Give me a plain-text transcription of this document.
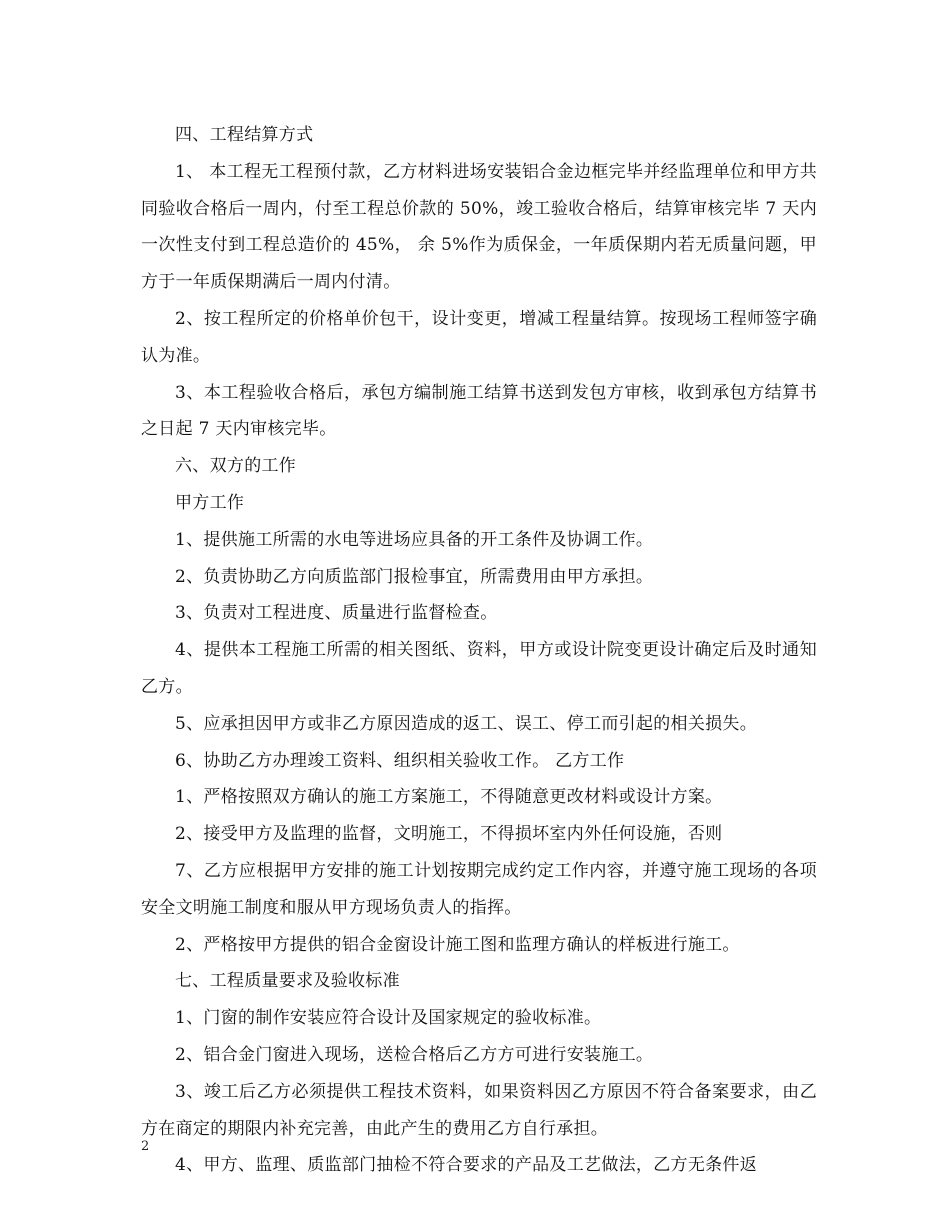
四、工程结算方式

1、 本工程无工程预付款，乙方材料进场安装铝合金边框完毕并经监理单位和甲方共同验收合格后一周内，付至工程总价款的 50%，竣工验收合格后，结算审核完毕 7 天内一次性支付到工程总造价的 45%， 余 5%作为质保金，一年质保期内若无质量问题，甲方于一年质保期满后一周内付清。

2、按工程所定的价格单价包干，设计变更，增减工程量结算。按现场工程师签字确认为准。

3、本工程验收合格后，承包方编制施工结算书送到发包方审核，收到承包方结算书之日起 7 天内审核完毕。

六、双方的工作

甲方工作

1、提供施工所需的水电等进场应具备的开工条件及协调工作。

2、负责协助乙方向质监部门报检事宜，所需费用由甲方承担。

3、负责对工程进度、质量进行监督检查。

4、提供本工程施工所需的相关图纸、资料，甲方或设计院变更设计确定后及时通知乙方。

5、应承担因甲方或非乙方原因造成的返工、误工、停工而引起的相关损失。

6、协助乙方办理竣工资料、组织相关验收工作。 乙方工作

1、严格按照双方确认的施工方案施工，不得随意更改材料或设计方案。

2、接受甲方及监理的监督，文明施工，不得损坏室内外任何设施，否则

7、乙方应根据甲方安排的施工计划按期完成约定工作内容，并遵守施工现场的各项安全文明施工制度和服从甲方现场负责人的指挥。

2、严格按甲方提供的铝合金窗设计施工图和监理方确认的样板进行施工。

七、工程质量要求及验收标准

1、门窗的制作安装应符合设计及国家规定的验收标准。

2、铝合金门窗进入现场，送检合格后乙方方可进行安装施工。

3、竣工后乙方必须提供工程技术资料，如果资料因乙方原因不符合备案要求，由乙方在商定的期限内补充完善，由此产生的费用乙方自行承担。

4、甲方、监理、质监部门抽检不符合要求的产品及工艺做法，乙方无条件返

2
